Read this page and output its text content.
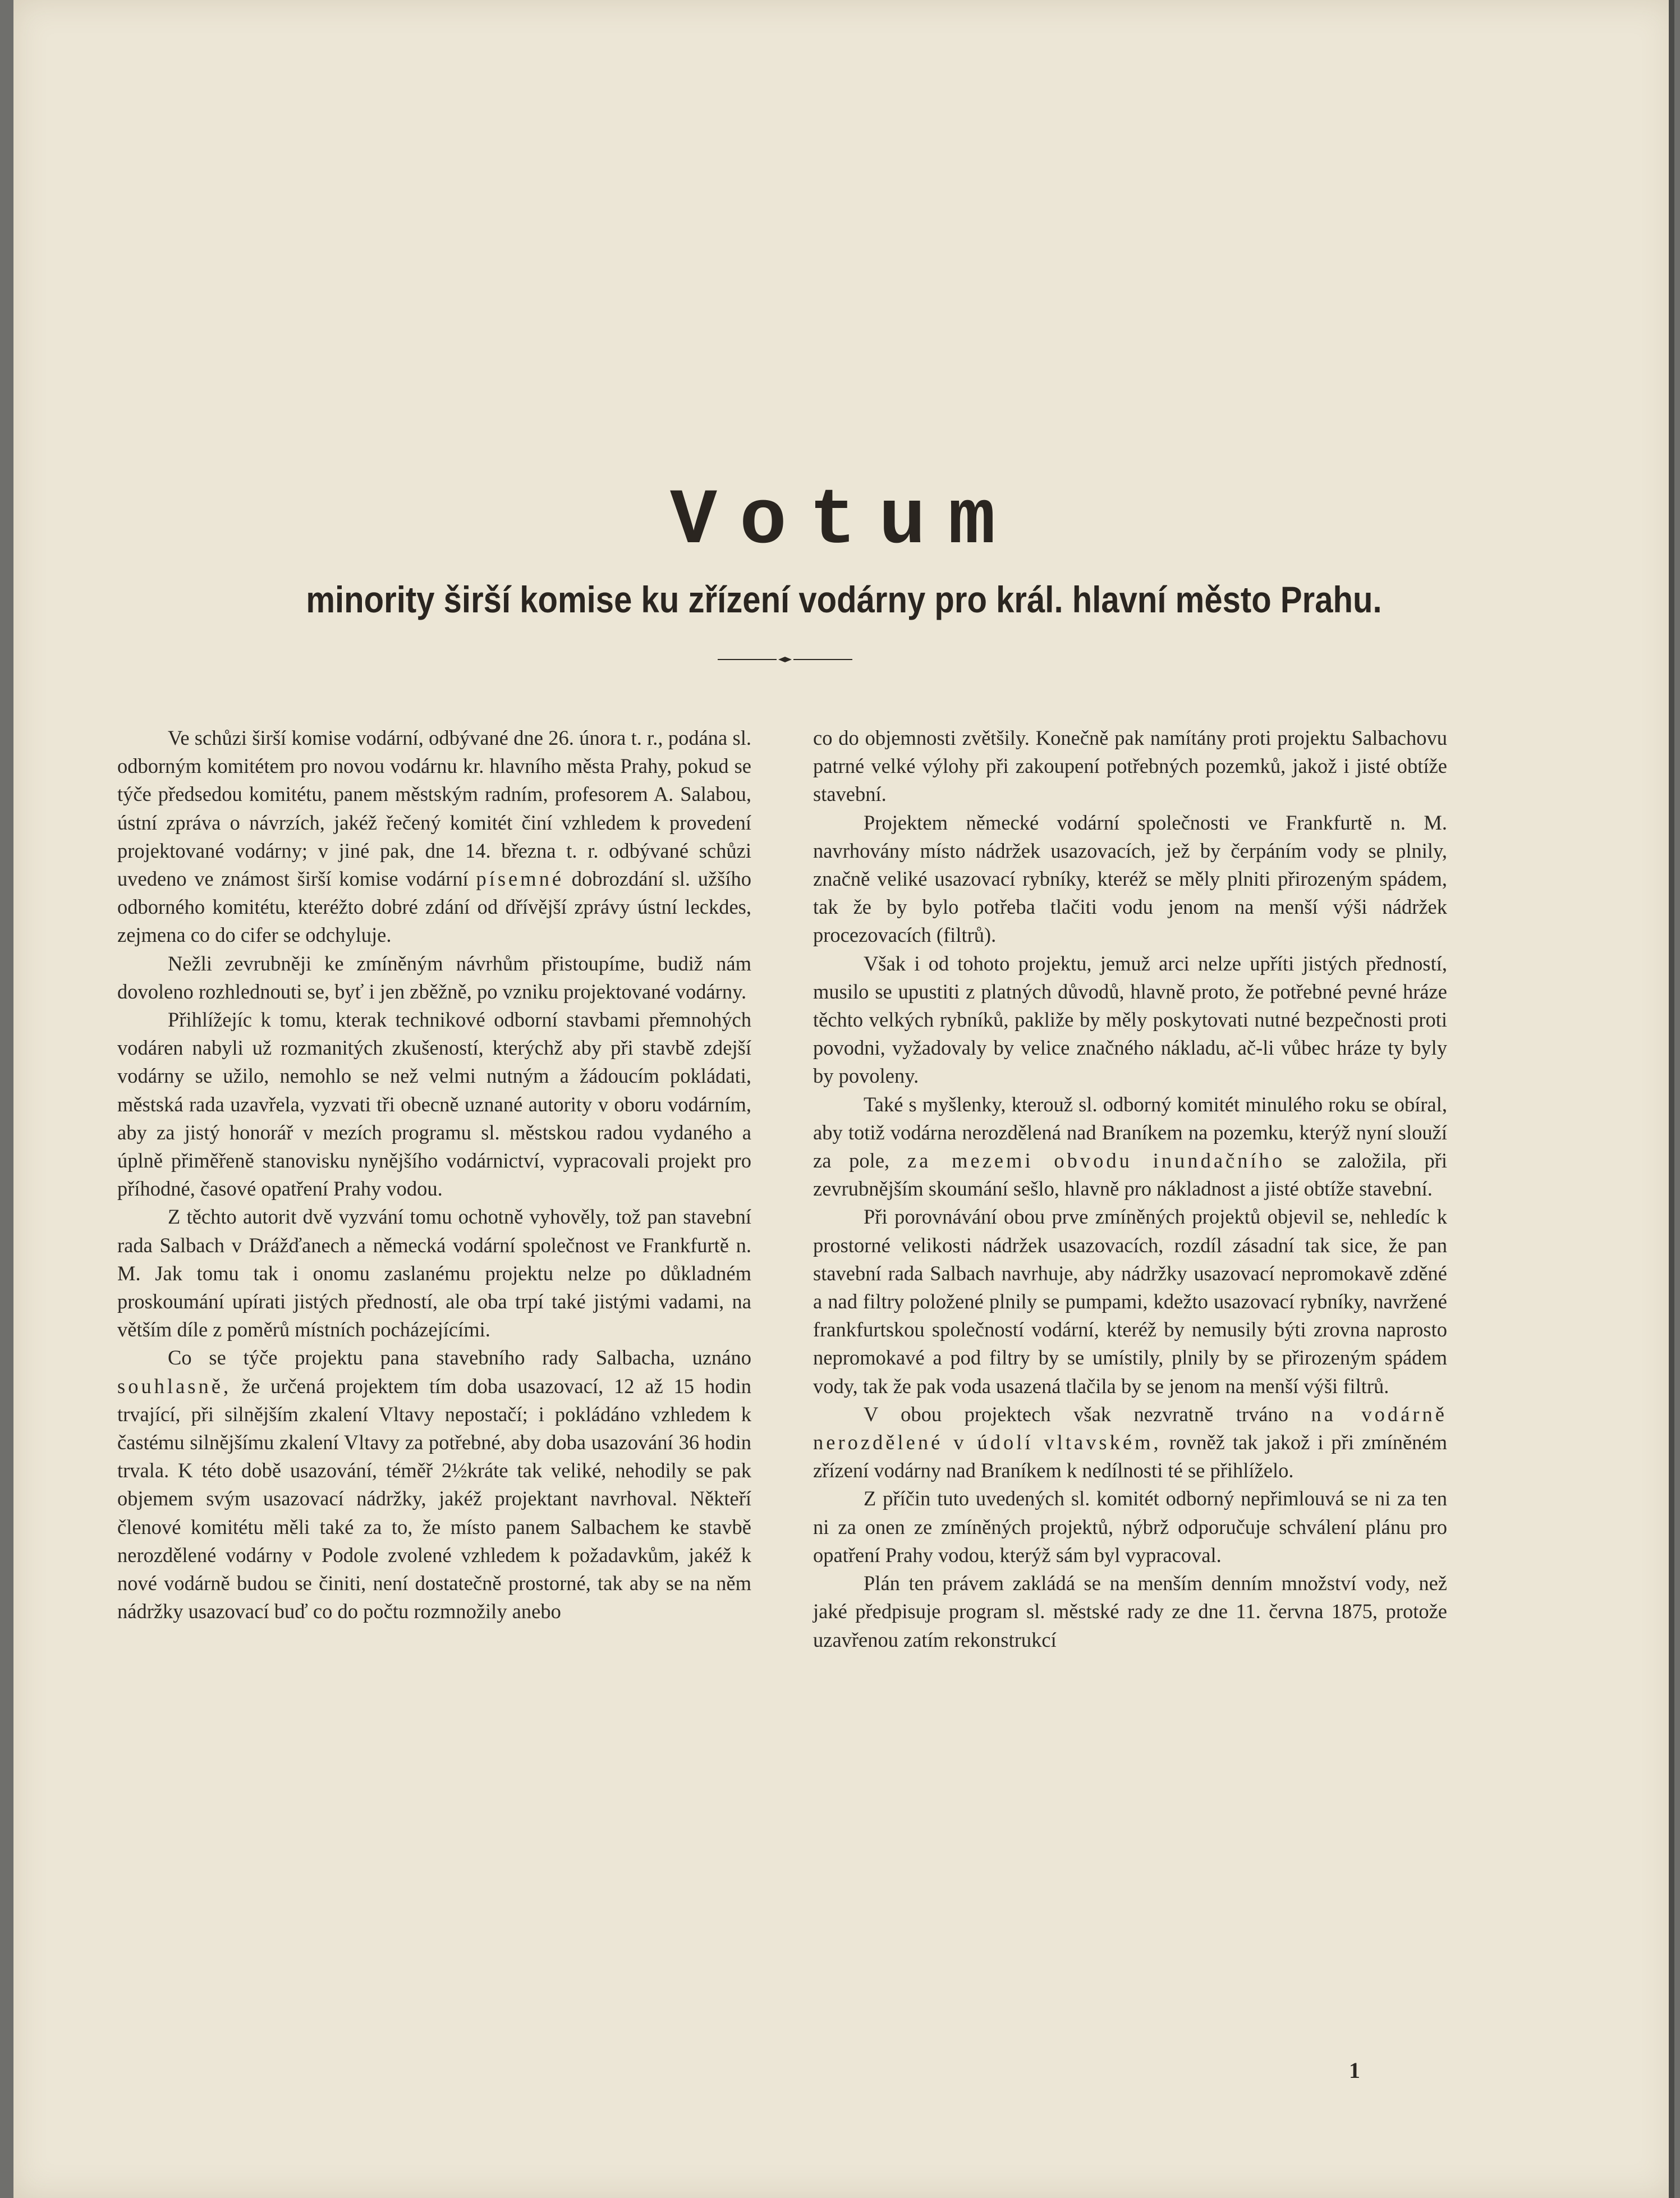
Votum
minority širší komise ku zřízení vodárny pro král. hlavní město Prahu.

Ve schůzi širší komise vodární, odbývané dne 26. února t. r., podána sl. odborným komitétem pro novou vodárnu kr. hlavního města Prahy, pokud se týče předsedou komitétu, panem městským radním, profesorem A. Salabou, ústní zpráva o návrzích, jakéž řečený komitét činí vzhledem k provedení projektované vodárny; v jiné pak, dne 14. března t. r. odbývané schůzi uvedeno ve známost širší komise vodární písemné dobrozdání sl. užšího odborného komitétu, kteréžto dobré zdání od dřívější zprávy ústní leckdes, zejmena co do cifer se odchyluje.

Nežli zevrubněji ke zmíněným návrhům přistoupíme, budiž nám dovoleno rozhlednouti se, byť i jen zběžně, po vzniku projektované vodárny.

Přihlížejíc k tomu, kterak technikové odborní stavbami přemnohých vodáren nabyli už rozmanitých zkušeností, kterýchž aby při stavbě zdejší vodárny se užilo, nemohlo se než velmi nutným a žádoucím pokládati, městská rada uzavřela, vyzvati tři obecně uznané autority v oboru vodárním, aby za jistý honorář v mezích programu sl. městskou radou vydaného a úplně přiměřeně stanovisku nynějšího vodárnictví, vypracovali projekt pro příhodné, časové opatření Prahy vodou.

Z těchto autorit dvě vyzvání tomu ochotně vyhověly, tož pan stavební rada Salbach v Drážďanech a německá vodární společnost ve Frankfurtě n. M. Jak tomu tak i onomu zaslanému projektu nelze po důkladném proskoumání upírati jistých předností, ale oba trpí také jistými vadami, na větším díle z poměrů místních pocházejícími.

Co se týče projektu pana stavebního rady Salbacha, uznáno souhlasně, že určená projektem tím doba usazovací, 12 až 15 hodin trvající, při silnějším zkalení Vltavy nepostačí; i pokládáno vzhledem k častému silnějšímu zkalení Vltavy za potřebné, aby doba usazování 36 hodin trvala. K této době usazování, téměř 2½kráte tak veliké, nehodily se pak objemem svým usazovací nádržky, jakéž projektant navrhoval. Někteří členové komitétu měli také za to, že místo panem Salbachem ke stavbě nerozdělené vodárny v Podole zvolené vzhledem k požadavkům, jakéž k nové vodárně budou se činiti, není dostatečně prostorné, tak aby se na něm nádržky usazovací buď co do počtu rozmnožily anebo

co do objemnosti zvětšily. Konečně pak namítány proti projektu Salbachovu patrné velké výlohy při zakoupení potřebných pozemků, jakož i jisté obtíže stavební.

Projektem německé vodární společnosti ve Frankfurtě n. M. navrhovány místo nádržek usazovacích, jež by čerpáním vody se plnily, značně veliké usazovací rybníky, kteréž se měly plniti přirozeným spádem, tak že by bylo potřeba tlačiti vodu jenom na menší výši nádržek procezovacích (filtrů).

Však i od tohoto projektu, jemuž arci nelze upříti jistých předností, musilo se upustiti z platných důvodů, hlavně proto, že potřebné pevné hráze těchto velkých rybníků, pakliže by měly poskytovati nutné bezpečnosti proti povodni, vyžadovaly by velice značného nákladu, ač-li vůbec hráze ty byly by povoleny.

Také s myšlenky, kterouž sl. odborný komitét minulého roku se obíral, aby totiž vodárna nerozdělená nad Braníkem na pozemku, kterýž nyní slouží za pole, za mezemi obvodu inundačního se založila, při zevrubnějším skoumání sešlo, hlavně pro nákladnost a jisté obtíže stavební.

Při porovnávání obou prve zmíněných projektů objevil se, nehledíc k prostorné velikosti nádržek usazovacích, rozdíl zásadní tak sice, že pan stavební rada Salbach navrhuje, aby nádržky usazovací nepromokavě zděné a nad filtry položené plnily se pumpami, kdežto usazovací rybníky, navržené frankfurtskou společností vodární, kteréž by nemusily býti zrovna naprosto nepromokavé a pod filtry by se umístily, plnily by se přirozeným spádem vody, tak že pak voda usazená tlačila by se jenom na menší výši filtrů.

V obou projektech však nezvratně trváno na vodárně nerozdělené v údolí vltavském, rovněž tak jakož i při zmíněném zřízení vodárny nad Braníkem k nedílnosti té se přihlíželo.

Z příčin tuto uvedených sl. komitét odborný nepřimlouvá se ni za ten ni za onen ze zmíněných projektů, nýbrž odporučuje schválení plánu pro opatření Prahy vodou, kterýž sám byl vypracoval.

Plán ten právem zakládá se na menším denním množství vody, než jaké předpisuje program sl. městské rady ze dne 11. června 1875, protože uzavřenou zatím rekonstrukcí

1
